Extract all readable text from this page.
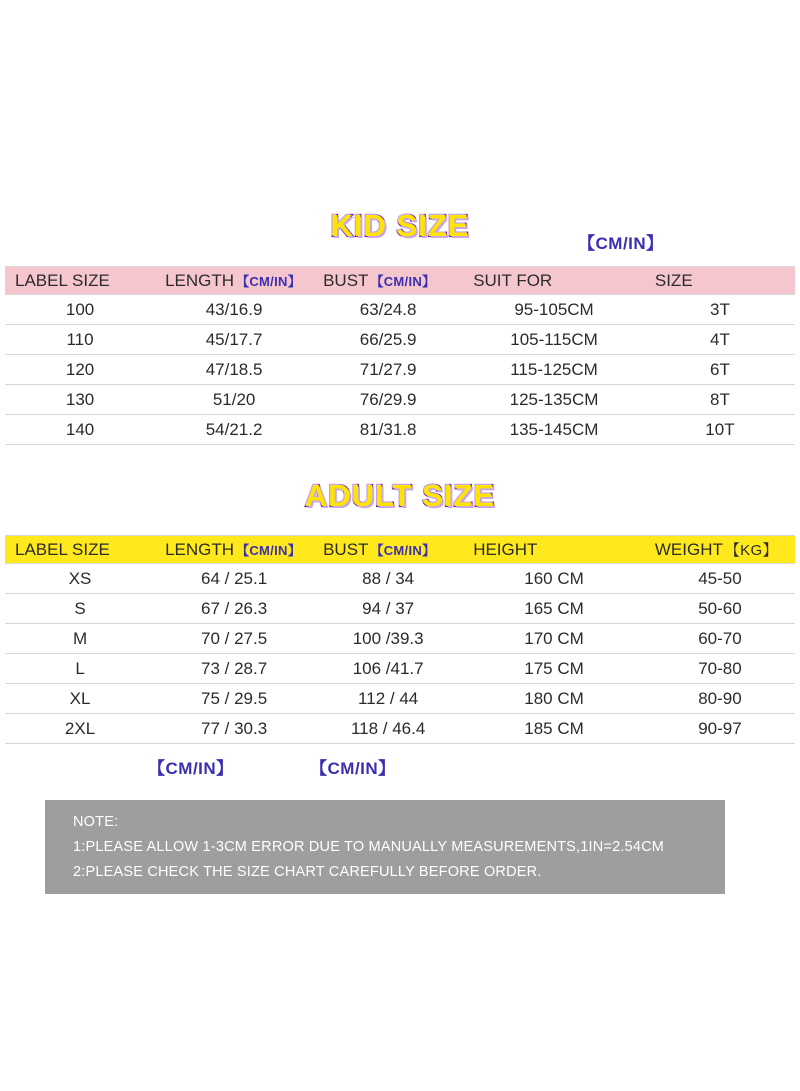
KID SIZE
【CM/IN】
LABEL SIZE	LENGTH 【CM/IN】	BUST 【CM/IN】	SUIT FOR	SIZE
100	43/16.9	63/24.8	95-105CM	3T
110	45/17.7	66/25.9	105-115CM	4T
120	47/18.5	71/27.9	115-125CM	6T
130	51/20	76/29.9	125-135CM	8T
140	54/21.2	81/31.8	135-145CM	10T
ADULT SIZE
LABEL SIZE	LENGTH 【CM/IN】	BUST 【CM/IN】	HEIGHT	WEIGHT 【KG】
XS	64 / 25.1	88 / 34	160 CM	45-50
S	67 / 26.3	94 / 37	165 CM	50-60
M	70 / 27.5	100 /39.3	170 CM	60-70
L	73 / 28.7	106 /41.7	175 CM	70-80
XL	75 / 29.5	112 / 44	180 CM	80-90
2XL	77 / 30.3	118 / 46.4	185 CM	90-97
【CM/IN】	【CM/IN】
NOTE:
1:PLEASE ALLOW 1-3CM ERROR DUE TO MANUALLY MEASUREMENTS,1IN=2.54CM
2:PLEASE CHECK THE SIZE CHART CAREFULLY BEFORE ORDER.
